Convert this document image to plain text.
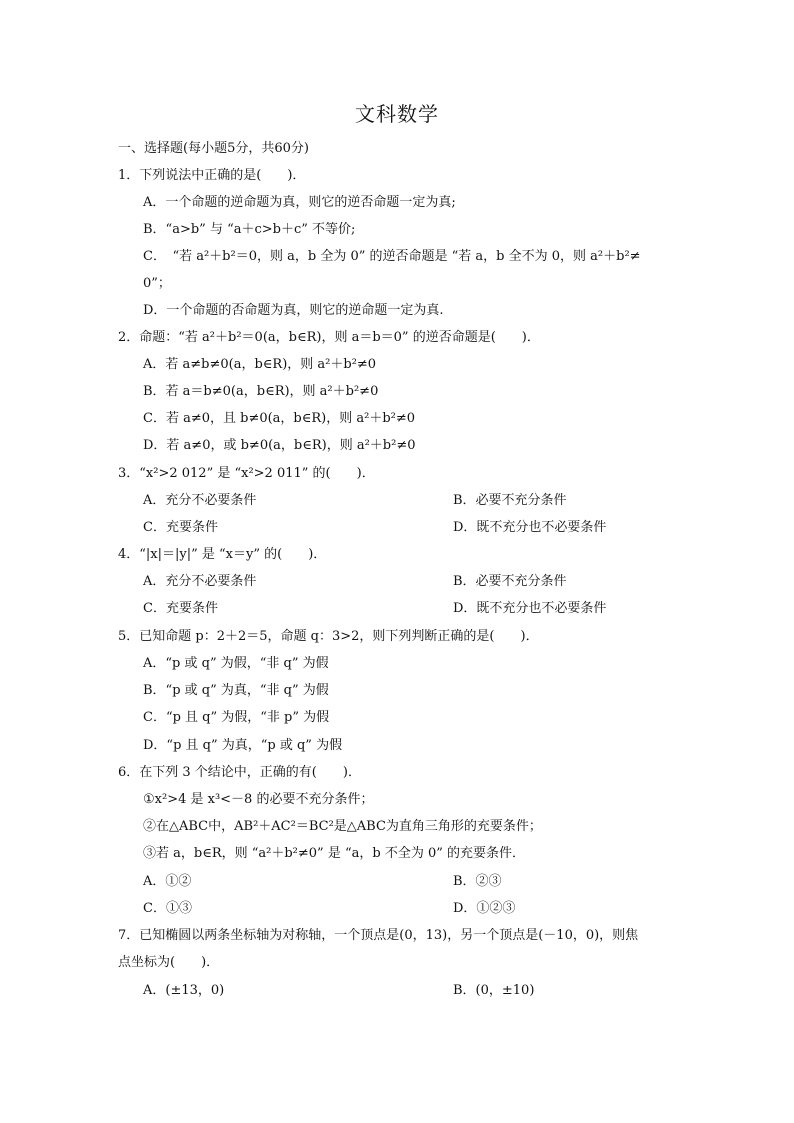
文科数学
一、选择题(每小题5分，共60分)
1．下列说法中正确的是(　　)．
A．一个命题的逆命题为真，则它的逆否命题一定为真;
B．“a>b” 与 “a＋c>b＋c” 不等价;
C．　“若 a²＋b²＝0，则 a，b 全为 0” 的逆否命题是 “若 a，b 全不为 0，则 a²＋b²≠
0”；
D．一个命题的否命题为真，则它的逆命题一定为真.
2．命题：“若 a²＋b²＝0(a，b∈R)，则 a＝b＝0” 的逆否命题是(　　)．
A．若 a≠b≠0(a，b∈R)，则 a²＋b²≠0
B．若 a＝b≠0(a，b∈R)，则 a²＋b²≠0
C．若 a≠0，且 b≠0(a，b∈R)，则 a²＋b²≠0
D．若 a≠0，或 b≠0(a，b∈R)，则 a²＋b²≠0
3．“x²>2 012” 是 “x²>2 011” 的(　　)．
A．充分不必要条件	B．必要不充分条件
C．充要条件	D．既不充分也不必要条件
4．“|x|＝|y|” 是 “x＝y” 的(　　)．
A．充分不必要条件	B．必要不充分条件
C．充要条件	D．既不充分也不必要条件
5．已知命题 p：2＋2＝5，命题 q：3>2，则下列判断正确的是(　　)．
A．“p 或 q” 为假，“非 q” 为假
B．“p 或 q” 为真，“非 q” 为假
C．“p 且 q” 为假，“非 p” 为假
D．“p 且 q” 为真，“p 或 q” 为假
6．在下列 3 个结论中，正确的有(　　)．
①x²>4 是 x³<－8 的必要不充分条件；
②在△ABC中，AB²＋AC²＝BC²是△ABC为直角三角形的充要条件；
③若 a，b∈R，则 “a²＋b²≠0” 是 “a，b 不全为 0” 的充要条件．
A．①②	B．②③
C．①③	D．①②③
7．已知椭圆以两条坐标轴为对称轴，一个顶点是(0，13)，另一个顶点是(－10，0)，则焦
点坐标为(　　)．
A．(±13，0)	B．(0，±10)
